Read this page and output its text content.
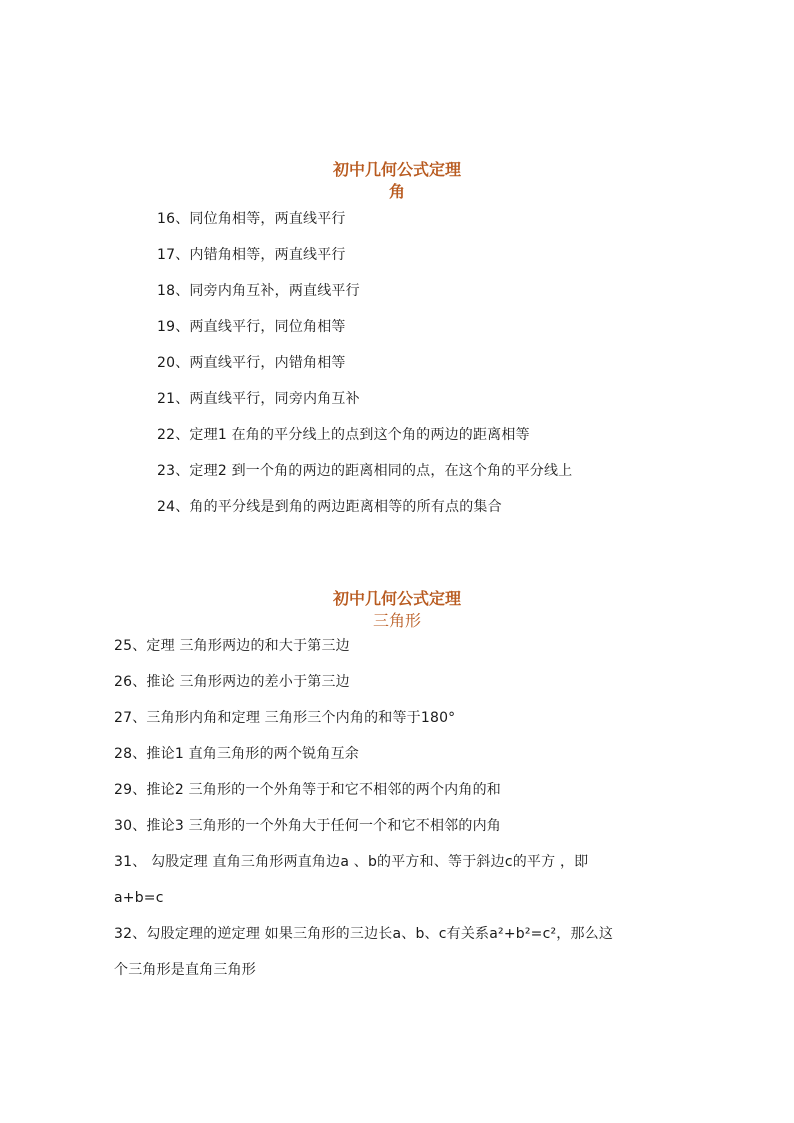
初中几何公式定理
角
16、同位角相等，两直线平行
17、内错角相等，两直线平行
18、同旁内角互补，两直线平行
19、两直线平行，同位角相等
20、两直线平行，内错角相等
21、两直线平行，同旁内角互补
22、定理1 在角的平分线上的点到这个角的两边的距离相等
23、定理2 到一个角的两边的距离相同的点，在这个角的平分线上
24、角的平分线是到角的两边距离相等的所有点的集合
初中几何公式定理
三角形
25、定理 三角形两边的和大于第三边
26、推论 三角形两边的差小于第三边
27、三角形内角和定理 三角形三个内角的和等于180°
28、推论1 直角三角形的两个锐角互余
29、推论2 三角形的一个外角等于和它不相邻的两个内角的和
30、推论3 三角形的一个外角大于任何一个和它不相邻的内角
31、 勾股定理 直角三角形两直角边a 、b的平方和、等于斜边c的平方 ，即
a+b=c
32、勾股定理的逆定理 如果三角形的三边长a、b、c有关系a²+b²=c²，那么这
个三角形是直角三角形
